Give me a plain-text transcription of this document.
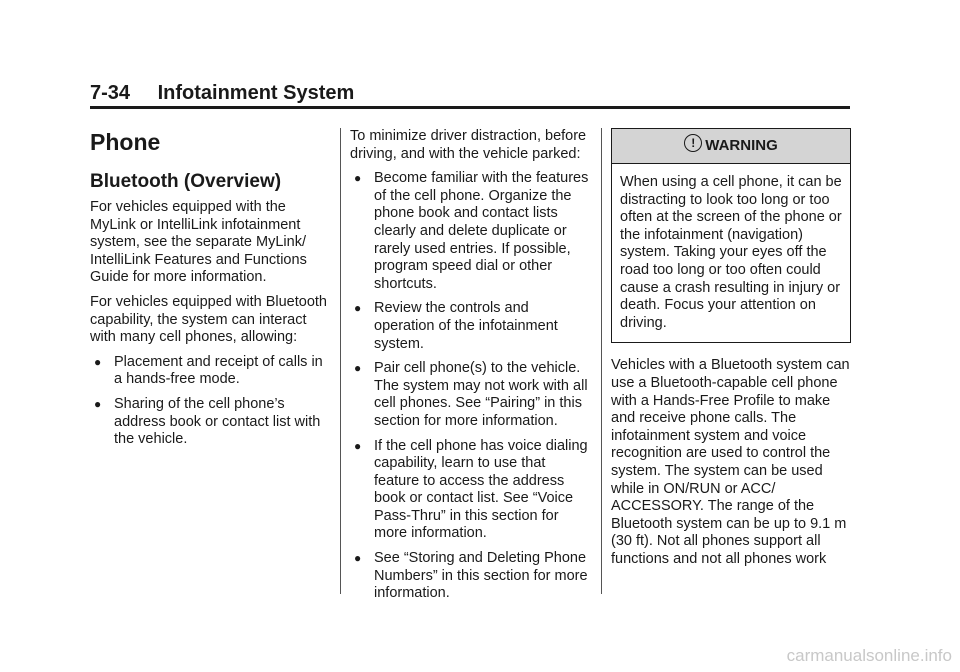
7-34 Infotainment System
Phone
Bluetooth (Overview)

For vehicles equipped with the MyLink or IntelliLink infotainment system, see the separate MyLink/ IntelliLink Features and Functions Guide for more information.

For vehicles equipped with Bluetooth capability, the system can interact with many cell phones, allowing:

● Placement and receipt of calls in a hands-free mode.
● Sharing of the cell phone’s address book or contact list with the vehicle.

To minimize driver distraction, before driving, and with the vehicle parked:

● Become familiar with the features of the cell phone. Organize the phone book and contact lists clearly and delete duplicate or rarely used entries. If possible, program speed dial or other shortcuts.
● Review the controls and operation of the infotainment system.
● Pair cell phone(s) to the vehicle. The system may not work with all cell phones. See “Pairing” in this section for more information.
● If the cell phone has voice dialing capability, learn to use that feature to access the address book or contact list. See “Voice Pass-Thru” in this section for more information.
● See “Storing and Deleting Phone Numbers” in this section for more information.
! WARNING
When using a cell phone, it can be distracting to look too long or too often at the screen of the phone or the infotainment (navigation) system. Taking your eyes off the road too long or too often could cause a crash resulting in injury or death. Focus your attention on driving.

Vehicles with a Bluetooth system can use a Bluetooth-capable cell phone with a Hands-Free Profile to make and receive phone calls. The infotainment system and voice recognition are used to control the system. The system can be used while in ON/RUN or ACC/ ACCESSORY. The range of the Bluetooth system can be up to 9.1 m (30 ft). Not all phones support all functions and not all phones work

carmanualsonline.info
